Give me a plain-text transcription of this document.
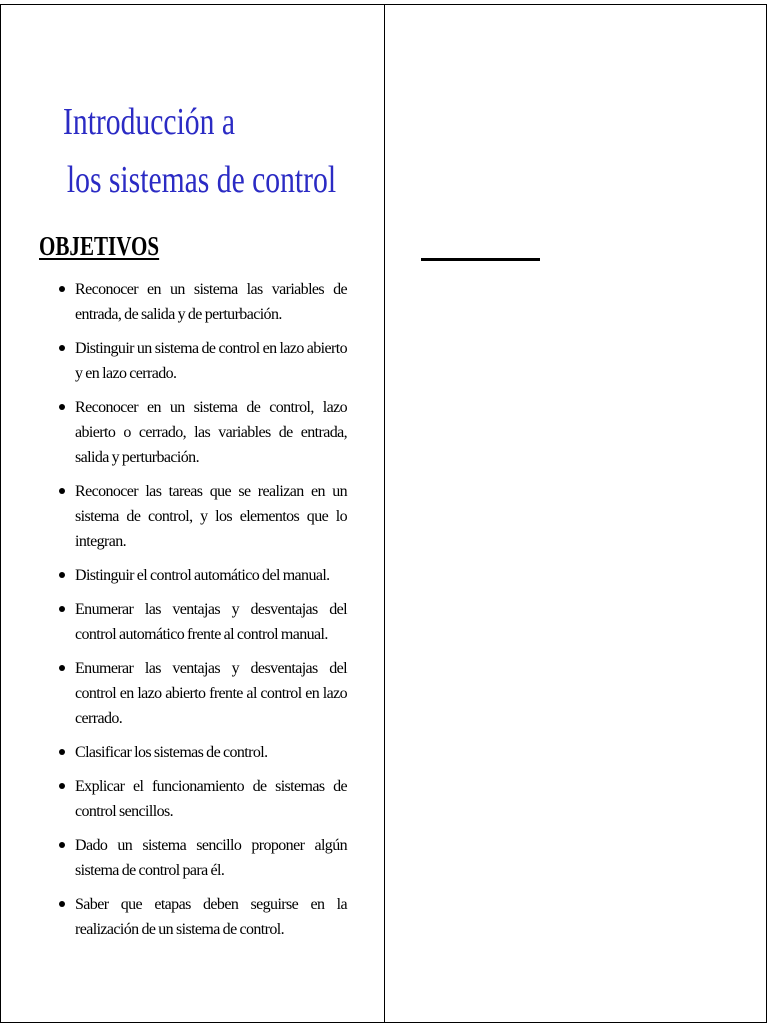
Introducción a
los sistemas de control
OBJETIVOS
Reconocer en un sistema las variables de entrada, de salida y de perturbación.
Distinguir un sistema de control en lazo abierto y en lazo cerrado.
Reconocer en un sistema de control, lazo abierto o cerrado, las variables de entrada, salida y perturbación.
Reconocer las tareas que se realizan en un sistema de control, y los elementos que lo integran.
Distinguir el control automático del manual.
Enumerar las ventajas y desventajas del control automático frente al control manual.
Enumerar las ventajas y desventajas del control en lazo abierto frente al control en lazo cerrado.
Clasificar los sistemas de control.
Explicar el funcionamiento de sistemas de control sencillos.
Dado un sistema sencillo proponer algún sistema de control para él.
Saber que etapas deben seguirse en la realización de un sistema de control.
